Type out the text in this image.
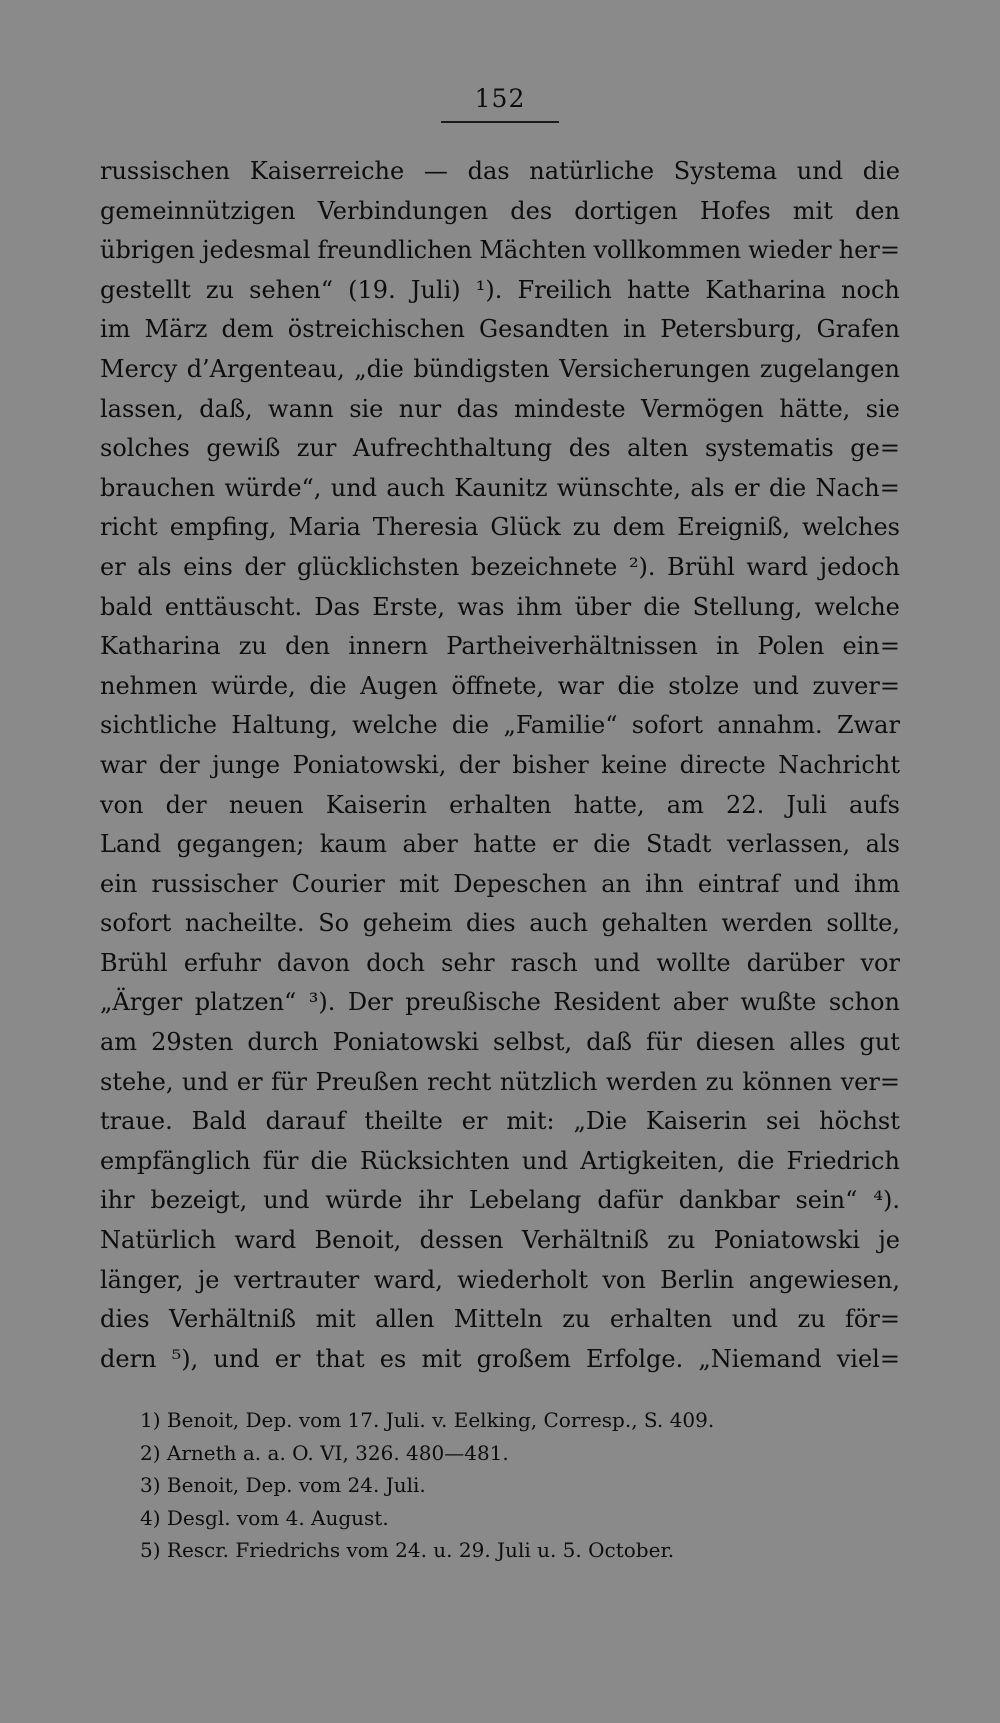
152
russischen Kaiserreiche — das natürliche Systema und die
gemeinnützigen Verbindungen des dortigen Hofes mit den
übrigen jedesmal freundlichen Mächten vollkommen wieder her=
gestellt zu sehen“ (19. Juli) ¹). Freilich hatte Katharina noch
im März dem östreichischen Gesandten in Petersburg, Grafen
Mercy d’Argenteau, „die bündigsten Versicherungen zugelangen
lassen, daß, wann sie nur das mindeste Vermögen hätte, sie
solches gewiß zur Aufrechthaltung des alten systematis ge=
brauchen würde“, und auch Kaunitz wünschte, als er die Nach=
richt empfing, Maria Theresia Glück zu dem Ereigniß, welches
er als eins der glücklichsten bezeichnete ²). Brühl ward jedoch
bald enttäuscht. Das Erste, was ihm über die Stellung, welche
Katharina zu den innern Partheiverhältnissen in Polen ein=
nehmen würde, die Augen öffnete, war die stolze und zuver=
sichtliche Haltung, welche die „Familie“ sofort annahm. Zwar
war der junge Poniatowski, der bisher keine directe Nachricht
von der neuen Kaiserin erhalten hatte, am 22. Juli aufs
Land gegangen; kaum aber hatte er die Stadt verlassen, als
ein russischer Courier mit Depeschen an ihn eintraf und ihm
sofort nacheilte. So geheim dies auch gehalten werden sollte,
Brühl erfuhr davon doch sehr rasch und wollte darüber vor
„Ärger platzen“ ³). Der preußische Resident aber wußte schon
am 29sten durch Poniatowski selbst, daß für diesen alles gut
stehe, und er für Preußen recht nützlich werden zu können ver=
traue. Bald darauf theilte er mit: „Die Kaiserin sei höchst
empfänglich für die Rücksichten und Artigkeiten, die Friedrich
ihr bezeigt, und würde ihr Lebelang dafür dankbar sein“ ⁴).
Natürlich ward Benoit, dessen Verhältniß zu Poniatowski je
länger, je vertrauter ward, wiederholt von Berlin angewiesen,
dies Verhältniß mit allen Mitteln zu erhalten und zu för=
dern ⁵), und er that es mit großem Erfolge. „Niemand viel=
1) Benoit, Dep. vom 17. Juli. v. Eelking, Corresp., S. 409.
2) Arneth a. a. O. VI, 326. 480—481.
3) Benoit, Dep. vom 24. Juli.
4) Desgl. vom 4. August.
5) Rescr. Friedrichs vom 24. u. 29. Juli u. 5. October.
